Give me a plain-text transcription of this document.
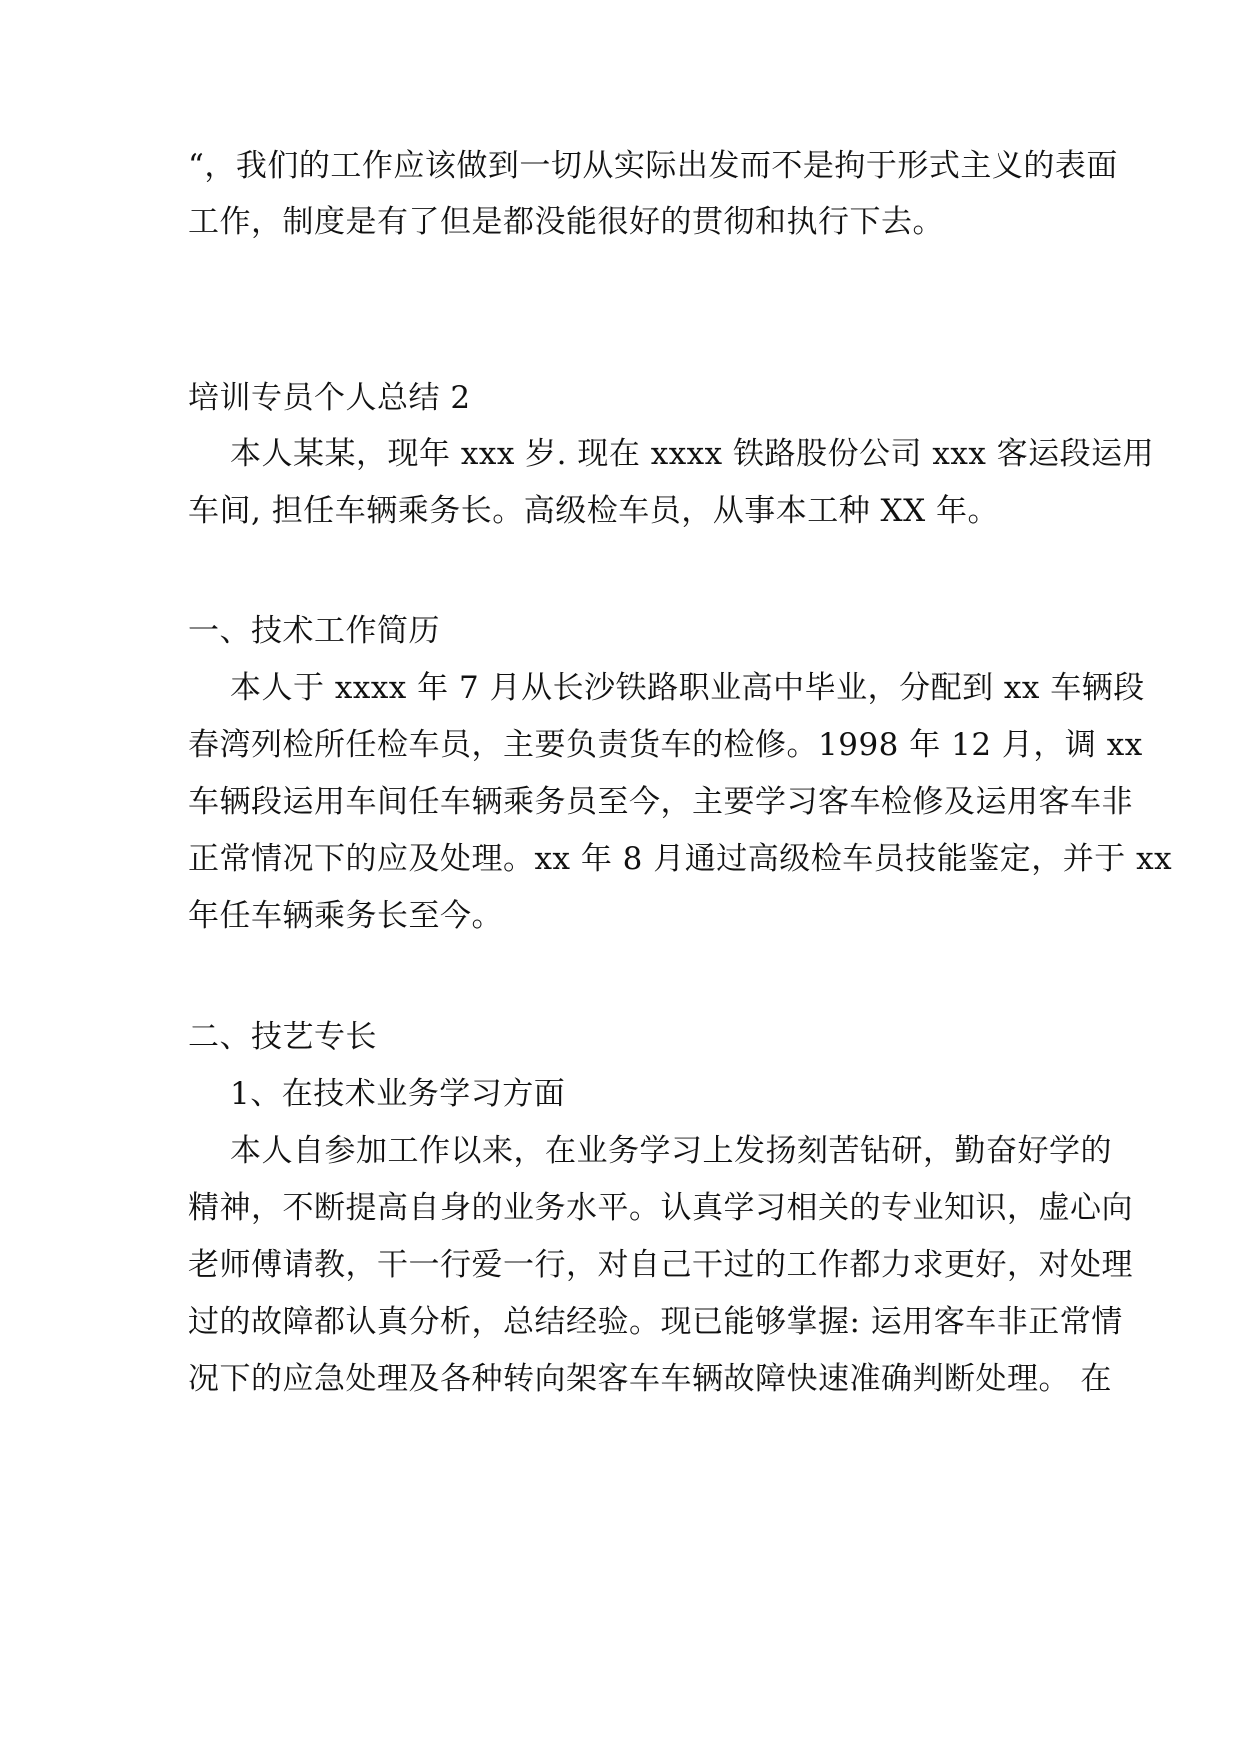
“，我们的工作应该做到一切从实际出发而不是拘于形式主义的表面
工作，制度是有了但是都没能很好的贯彻和执行下去。
培训专员个人总结 2
本人某某，现年 xxx 岁. 现在 xxxx 铁路股份公司 xxx 客运段运用
车间, 担任车辆乘务长。高级检车员，从事本工种 XX 年。
一、技术工作简历
本人于 xxxx 年 7 月从长沙铁路职业高中毕业，分配到 xx 车辆段
春湾列检所任检车员，主要负责货车的检修。1998 年 12 月，调 xx
车辆段运用车间任车辆乘务员至今，主要学习客车检修及运用客车非
正常情况下的应及处理。xx 年 8 月通过高级检车员技能鉴定，并于 xx
年任车辆乘务长至今。
二、技艺专长
1、在技术业务学习方面
本人自参加工作以来，在业务学习上发扬刻苦钻研，勤奋好学的
精神，不断提高自身的业务水平。认真学习相关的专业知识，虚心向
老师傅请教，干一行爱一行，对自己干过的工作都力求更好，对处理
过的故障都认真分析，总结经验。现已能够掌握: 运用客车非正常情
况下的应急处理及各种转向架客车车辆故障快速准确判断处理。 在
